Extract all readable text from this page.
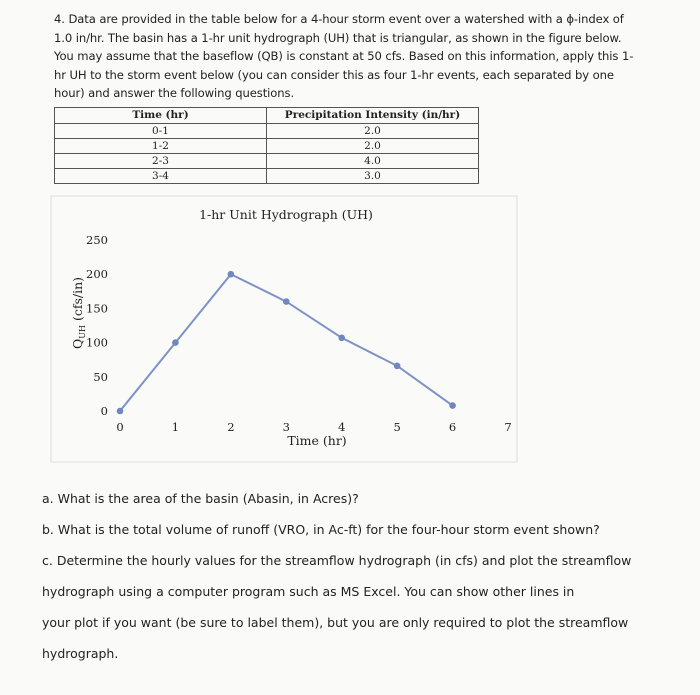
4. Data are provided in the table below for a 4-hour storm event over a watershed with a ϕ-index of 1.0 in/hr. The basin has a 1-hr unit hydrograph (UH) that is triangular, as shown in the figure below. You may assume that the baseflow (QB) is constant at 50 cfs. Based on this information, apply this 1-hr UH to the storm event below (you can consider this as four 1-hr events, each separated by one hour) and answer the following questions.
Time (hr)	Precipitation Intensity (in/hr)
0-1	2.0
1-2	2.0
2-3	4.0
3-4	3.0
1-hr Unit Hydrograph (UH)
0
50
100
150
200
250
0	1	2	3	4	5	6	7
Time (hr)
$Q_{UH}$ (cfs/in)

a. What is the area of the basin (Abasin, in Acres)?

b. What is the total volume of runoff (VRO, in Ac-ft) for the four-hour storm event shown?

c. Determine the hourly values for the streamflow hydrograph (in cfs) and plot the streamflow

hydrograph using a computer program such as MS Excel. You can show other lines in

your plot if you want (be sure to label them), but you are only required to plot the streamflow

hydrograph.
